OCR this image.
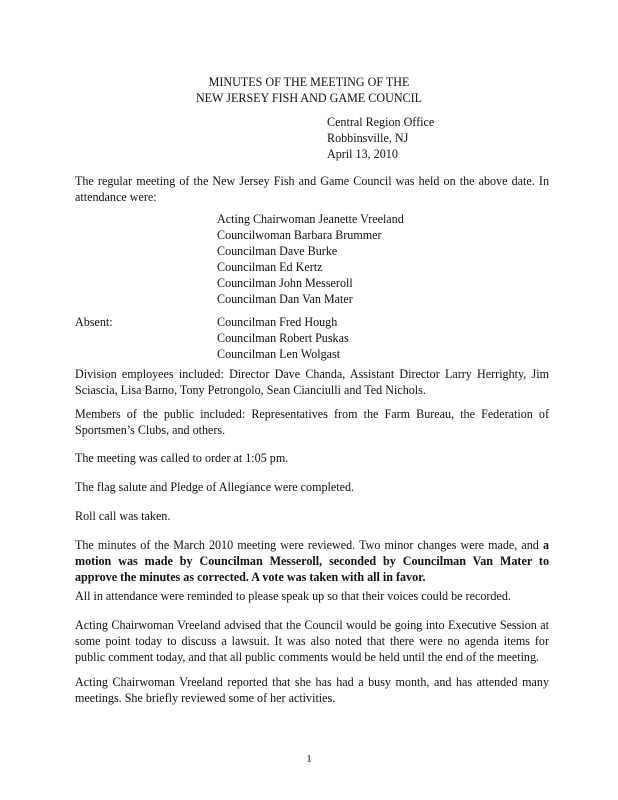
MINUTES OF THE MEETING OF THE
NEW JERSEY FISH AND GAME COUNCIL
Central Region Office
Robbinsville, NJ
April 13, 2010
The regular meeting of the New Jersey Fish and Game Council was held on the above date. In attendance were:
Acting Chairwoman Jeanette Vreeland
Councilwoman Barbara Brummer
Councilman Dave Burke
Councilman Ed Kertz
Councilman John Messeroll
Councilman Dan Van Mater
Absent:	Councilman Fred Hough
Councilman Robert Puskas
Councilman Len Wolgast
Division employees included: Director Dave Chanda, Assistant Director Larry Herrighty, Jim Sciascia, Lisa Barno, Tony Petrongolo, Sean Cianciulli and Ted Nichols.
Members of the public included: Representatives from the Farm Bureau, the Federation of Sportsmen’s Clubs, and others.
The meeting was called to order at 1:05 pm.
The flag salute and Pledge of Allegiance were completed.
Roll call was taken.
The minutes of the March 2010 meeting were reviewed. Two minor changes were made, and a motion was made by Councilman Messeroll, seconded by Councilman Van Mater to approve the minutes as corrected. A vote was taken with all in favor.
All in attendance were reminded to please speak up so that their voices could be recorded.
Acting Chairwoman Vreeland advised that the Council would be going into Executive Session at some point today to discuss a lawsuit. It was also noted that there were no agenda items for public comment today, and that all public comments would be held until the end of the meeting.
Acting Chairwoman Vreeland reported that she has had a busy month, and has attended many meetings. She briefly reviewed some of her activities.
1
